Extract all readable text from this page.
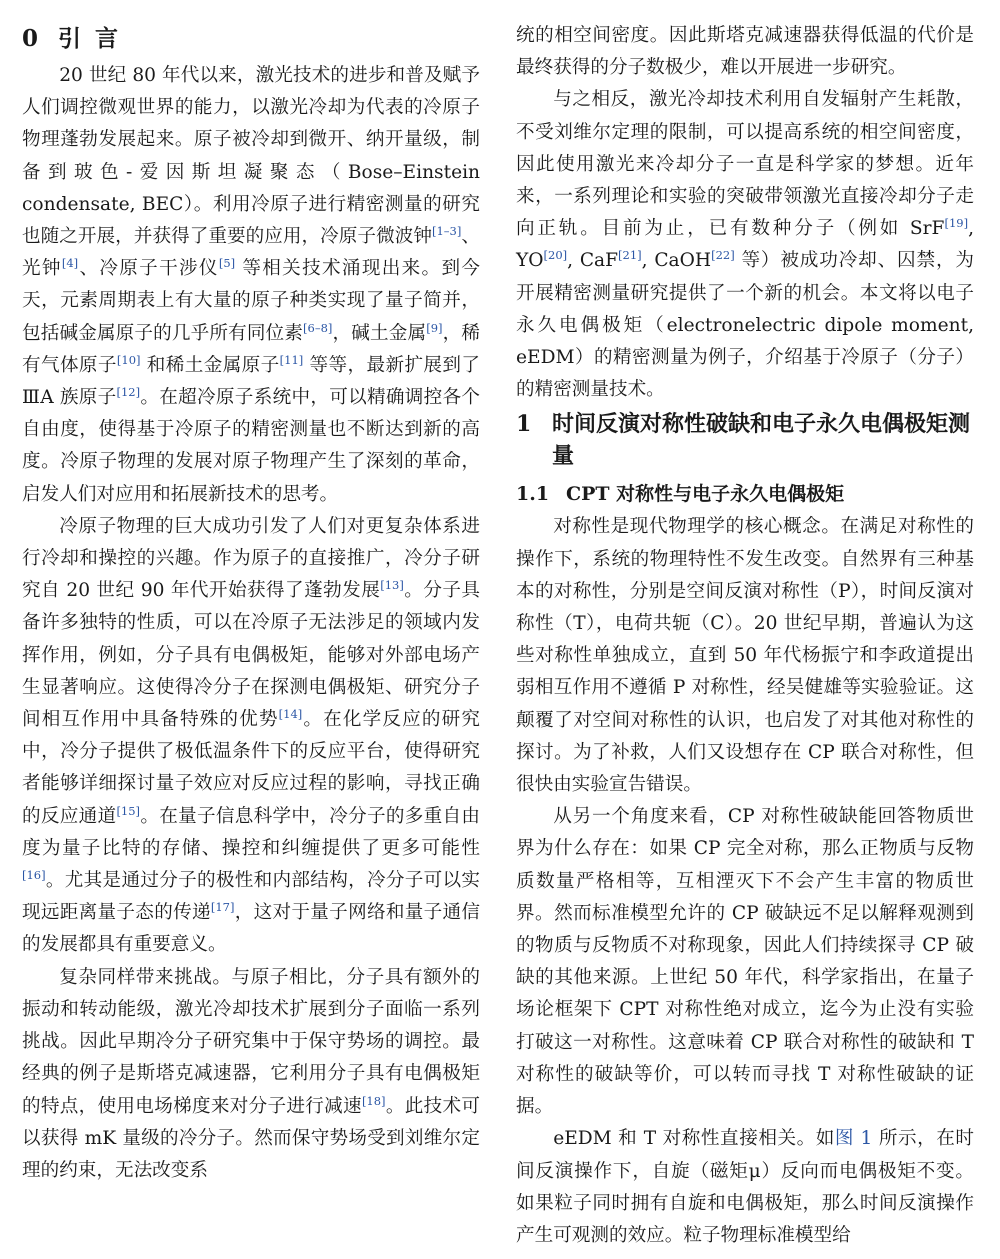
0 引言

20 世纪 80 年代以来，激光技术的进步和普及赋予人们调控微观世界的能力，以激光冷却为代表的冷原子物理蓬勃发展起来。原子被冷却到微开、纳开量级，制备到玻色-爱因斯坦凝聚态（Bose–Einstein condensate, BEC）。利用冷原子进行精密测量的研究也随之开展，并获得了重要的应用，冷原子微波钟[1–3]、光钟[4]、冷原子干涉仪[5] 等相关技术涌现出来。到今天，元素周期表上有大量的原子种类实现了量子简并，包括碱金属原子的几乎所有同位素[6–8]，碱土金属[9]，稀有气体原子[10] 和稀土金属原子[11] 等等，最新扩展到了ⅢA 族原子[12]。在超冷原子系统中，可以精确调控各个自由度，使得基于冷原子的精密测量也不断达到新的高度。冷原子物理的发展对原子物理产生了深刻的革命，启发人们对应用和拓展新技术的思考。

冷原子物理的巨大成功引发了人们对更复杂体系进行冷却和操控的兴趣。作为原子的直接推广，冷分子研究自 20 世纪 90 年代开始获得了蓬勃发展[13]。分子具备许多独特的性质，可以在冷原子无法涉足的领域内发挥作用，例如，分子具有电偶极矩，能够对外部电场产生显著响应。这使得冷分子在探测电偶极矩、研究分子间相互作用中具备特殊的优势[14]。在化学反应的研究中，冷分子提供了极低温条件下的反应平台，使得研究者能够详细探讨量子效应对反应过程的影响，寻找正确的反应通道[15]。在量子信息科学中，冷分子的多重自由度为量子比特的存储、操控和纠缠提供了更多可能性[16]。尤其是通过分子的极性和内部结构，冷分子可以实现远距离量子态的传递[17]，这对于量子网络和量子通信的发展都具有重要意义。

复杂同样带来挑战。与原子相比，分子具有额外的振动和转动能级，激光冷却技术扩展到分子面临一系列挑战。因此早期冷分子研究集中于保守势场的调控。最经典的例子是斯塔克减速器，它利用分子具有电偶极矩的特点，使用电场梯度来对分子进行减速[18]。此技术可以获得 mK 量级的冷分子。然而保守势场受到刘维尔定理的约束，无法改变系

统的相空间密度。因此斯塔克减速器获得低温的代价是最终获得的分子数极少，难以开展进一步研究。

与之相反，激光冷却技术利用自发辐射产生耗散，不受刘维尔定理的限制，可以提高系统的相空间密度，因此使用激光来冷却分子一直是科学家的梦想。近年来，一系列理论和实验的突破带领激光直接冷却分子走向正轨。目前为止，已有数种分子（例如 SrF[19], YO[20], CaF[21], CaOH[22] 等）被成功冷却、囚禁，为开展精密测量研究提供了一个新的机会。本文将以电子永久电偶极矩（electronelectric dipole moment, eEDM）的精密测量为例子，介绍基于冷原子（分子）的精密测量技术。

1 时间反演对称性破缺和电子永久电偶极矩测量
1.1 CPT 对称性与电子永久电偶极矩

对称性是现代物理学的核心概念。在满足对称性的操作下，系统的物理特性不发生改变。自然界有三种基本的对称性，分别是空间反演对称性（P），时间反演对称性（T），电荷共轭（C）。20 世纪早期，普遍认为这些对称性单独成立，直到 50 年代杨振宁和李政道提出弱相互作用不遵循 P 对称性，经吴健雄等实验验证。这颠覆了对空间对称性的认识，也启发了对其他对称性的探讨。为了补救，人们又设想存在 CP 联合对称性，但很快由实验宣告错误。

从另一个角度来看，CP 对称性破缺能回答物质世界为什么存在：如果 CP 完全对称，那么正物质与反物质数量严格相等，互相湮灭下不会产生丰富的物质世界。然而标准模型允许的 CP 破缺远不足以解释观测到的物质与反物质不对称现象，因此人们持续探寻 CP 破缺的其他来源。上世纪 50 年代，科学家指出，在量子场论框架下 CPT 对称性绝对成立，迄今为止没有实验打破这一对称性。这意味着 CP 联合对称性的破缺和 T 对称性的破缺等价，可以转而寻找 T 对称性破缺的证据。

eEDM 和 T 对称性直接相关。如图 1 所示，在时间反演操作下，自旋（磁矩μ）反向而电偶极矩不变。如果粒子同时拥有自旋和电偶极矩，那么时间反演操作产生可观测的效应。粒子物理标准模型给
